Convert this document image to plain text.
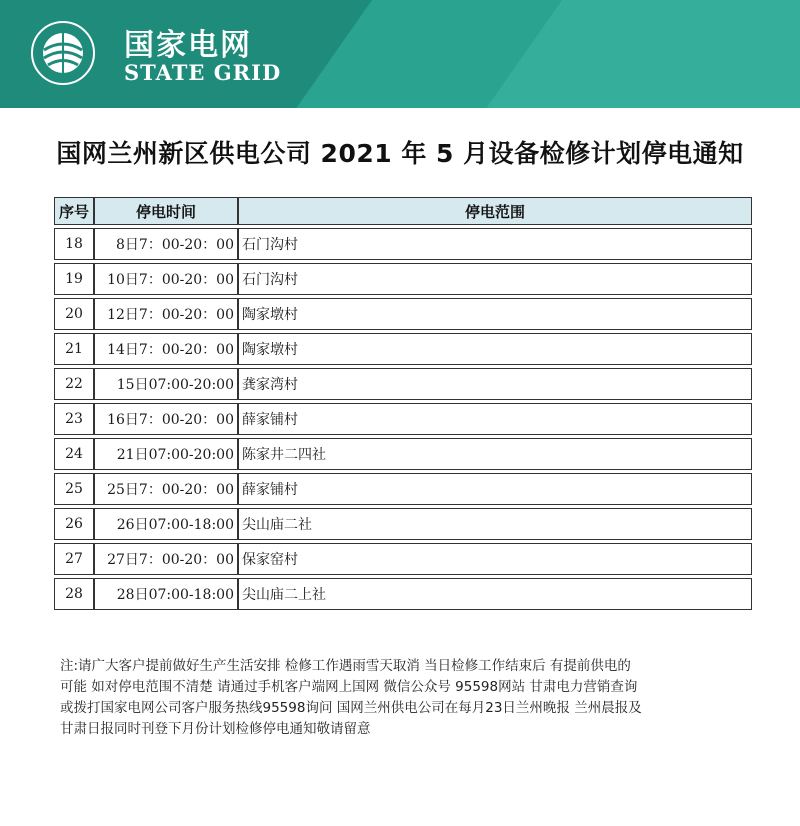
国家电网
STATE GRID
国网兰州新区供电公司 2021 年 5 月设备检修计划停电通知
序号	停电时间	停电范围
18	8日7：00-20：00	石门沟村
19	10日7：00-20：00	石门沟村
20	12日7：00-20：00	陶家墩村
21	14日7：00-20：00	陶家墩村
22	15日07:00-20:00	龚家湾村
23	16日7：00-20：00	薛家铺村
24	21日07:00-20:00	陈家井二四社
25	25日7：00-20：00	薛家铺村
26	26日07:00-18:00	尖山庙二社
27	27日7：00-20：00	保家窑村
28	28日07:00-18:00	尖山庙二上社
注:请广大客户提前做好生产生活安排 检修工作遇雨雪天取消 当日检修工作结束后 有提前供电的
可能 如对停电范围不清楚 请通过手机客户端网上国网 微信公众号 95598网站 甘肃电力营销查询
或拨打国家电网公司客户服务热线95598询问 国网兰州供电公司在每月23日兰州晚报 兰州晨报及
甘肃日报同时刊登下月份计划检修停电通知敬请留意
